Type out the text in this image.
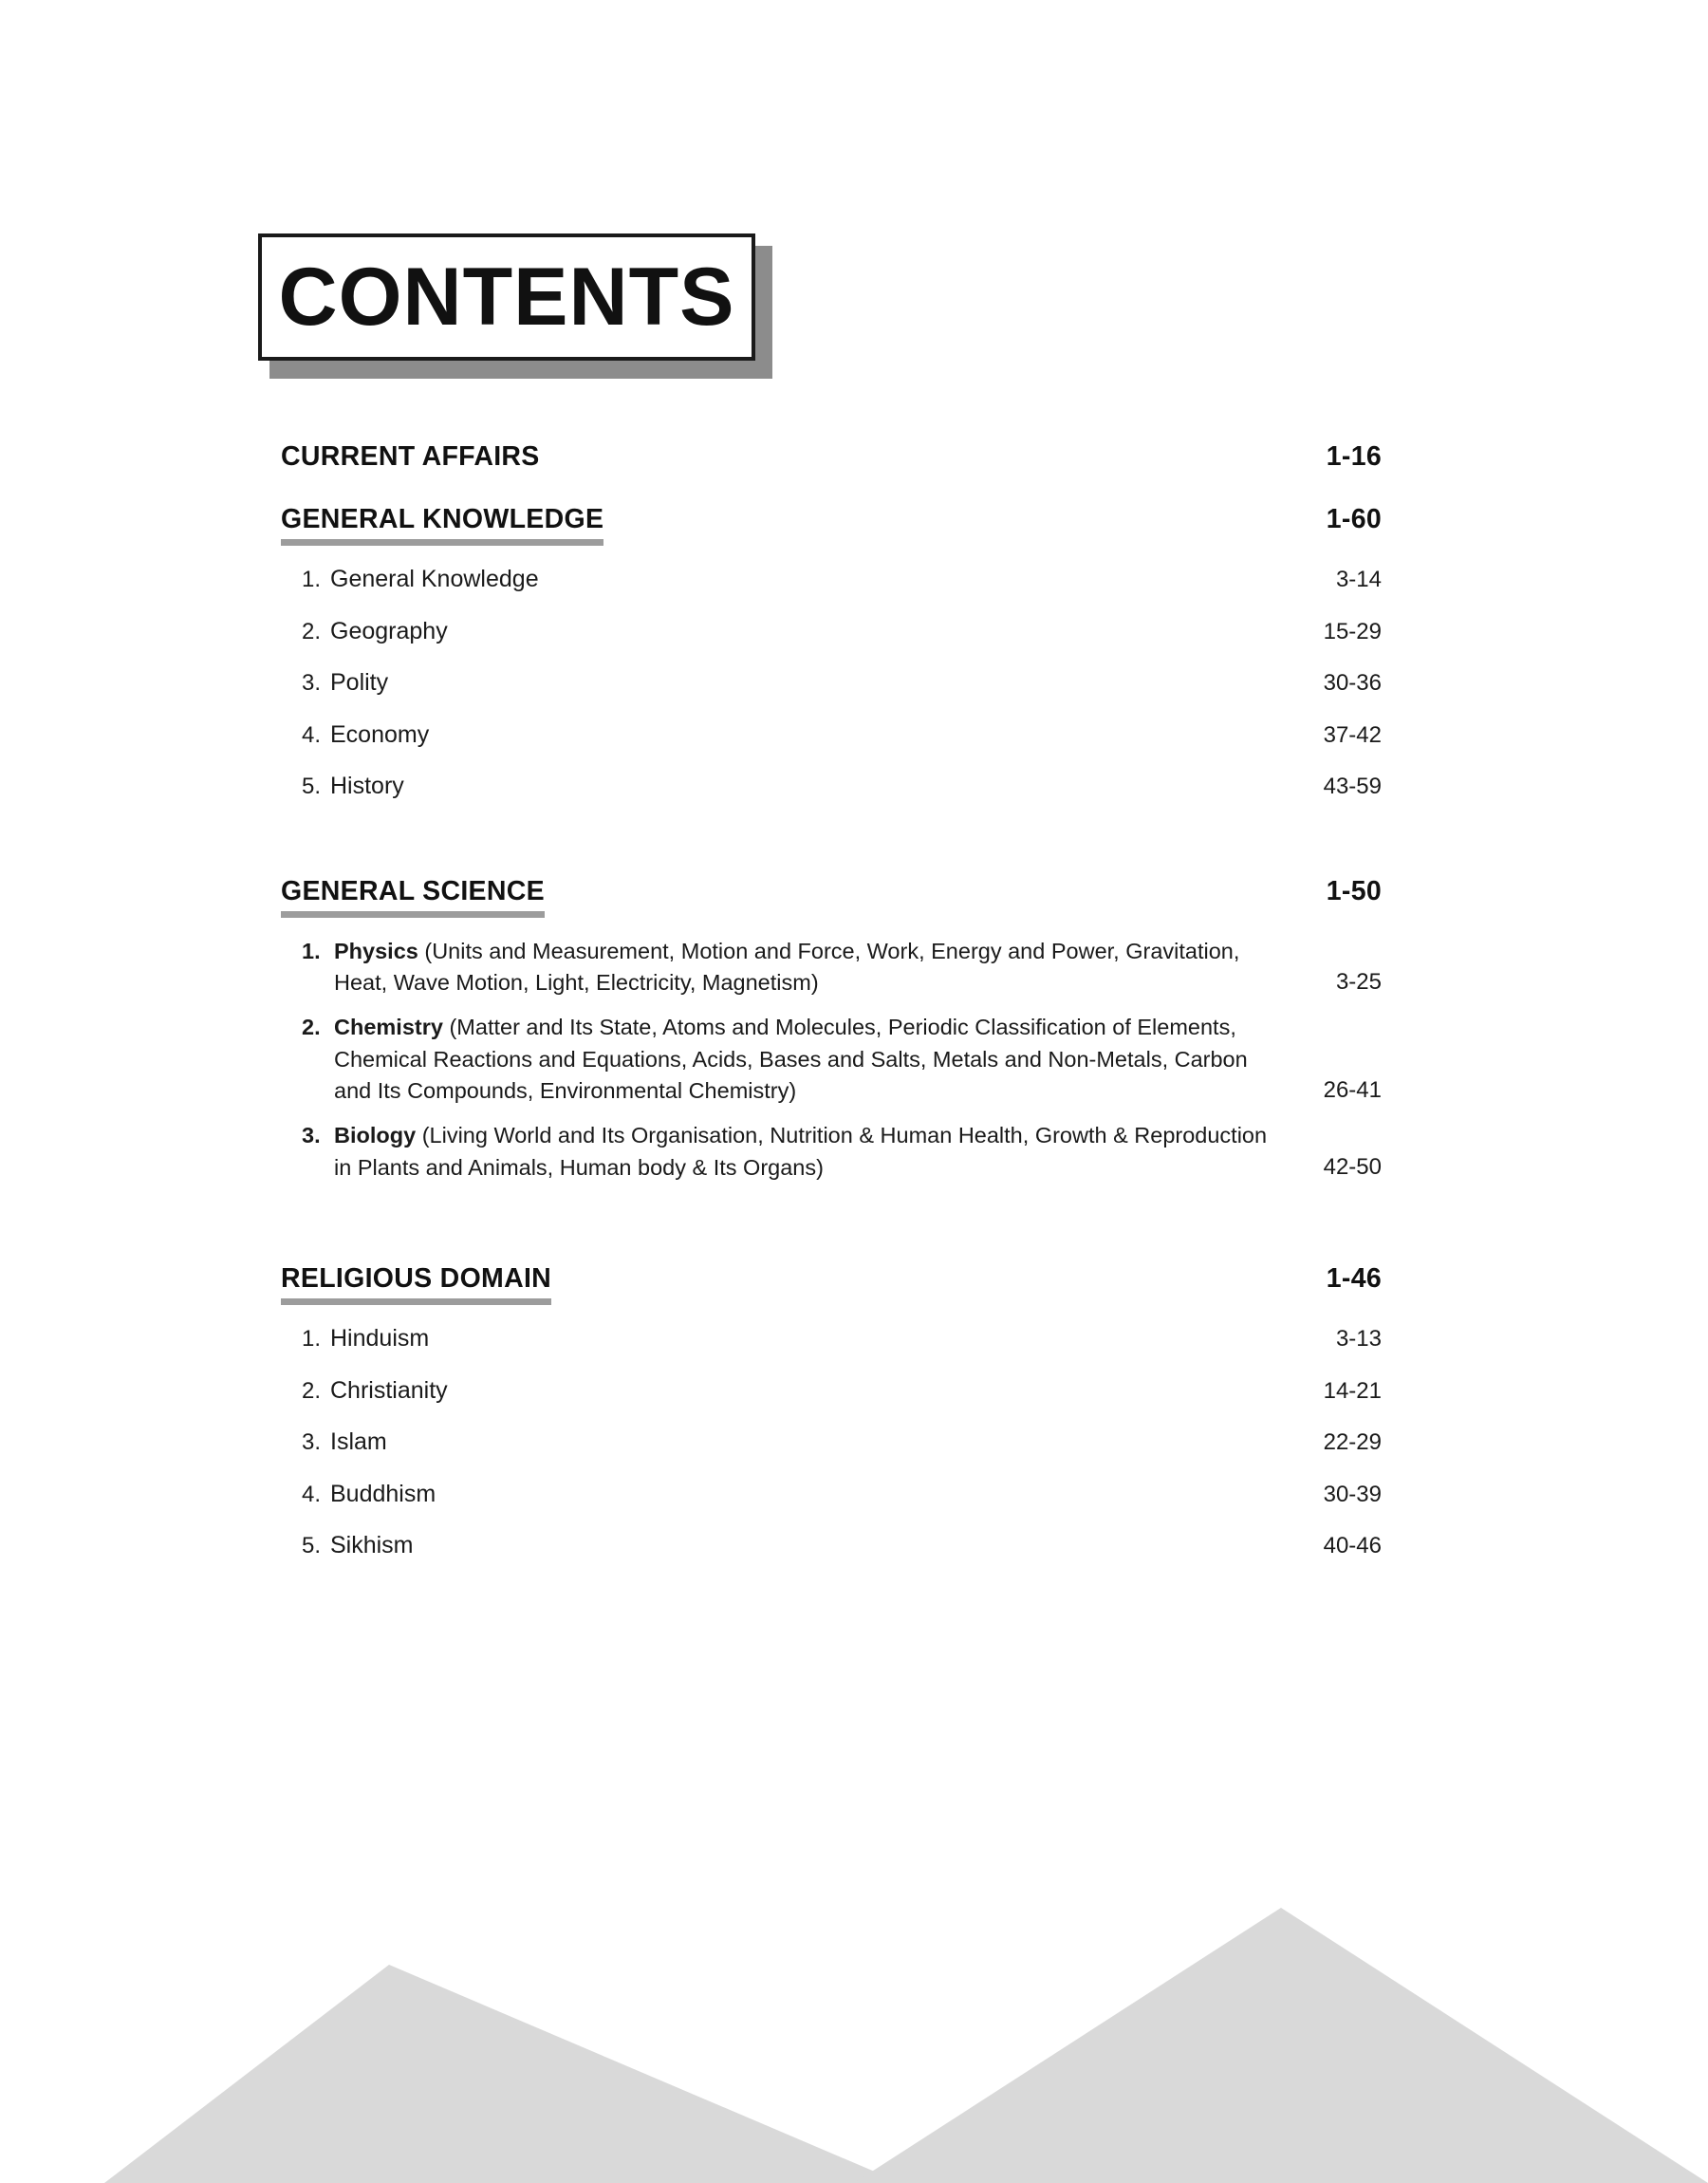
CONTENTS
CURRENT AFFAIRS	1-16
GENERAL KNOWLEDGE	1-60
1. General Knowledge	3-14
2. Geography	15-29
3. Polity	30-36
4. Economy	37-42
5. History	43-59
GENERAL SCIENCE	1-50
1. Physics (Units and Measurement, Motion and Force, Work, Energy and Power, Gravitation, Heat, Wave Motion, Light, Electricity, Magnetism)	3-25
2. Chemistry (Matter and Its State, Atoms and Molecules, Periodic Classification of Elements, Chemical Reactions and Equations, Acids, Bases and Salts, Metals and Non-Metals, Carbon and Its Compounds, Environmental Chemistry)	26-41
3. Biology (Living World and Its Organisation, Nutrition & Human Health, Growth & Reproduction in Plants and Animals, Human body & Its Organs)	42-50
RELIGIOUS DOMAIN	1-46
1. Hinduism	3-13
2. Christianity	14-21
3. Islam	22-29
4. Buddhism	30-39
5. Sikhism	40-46
